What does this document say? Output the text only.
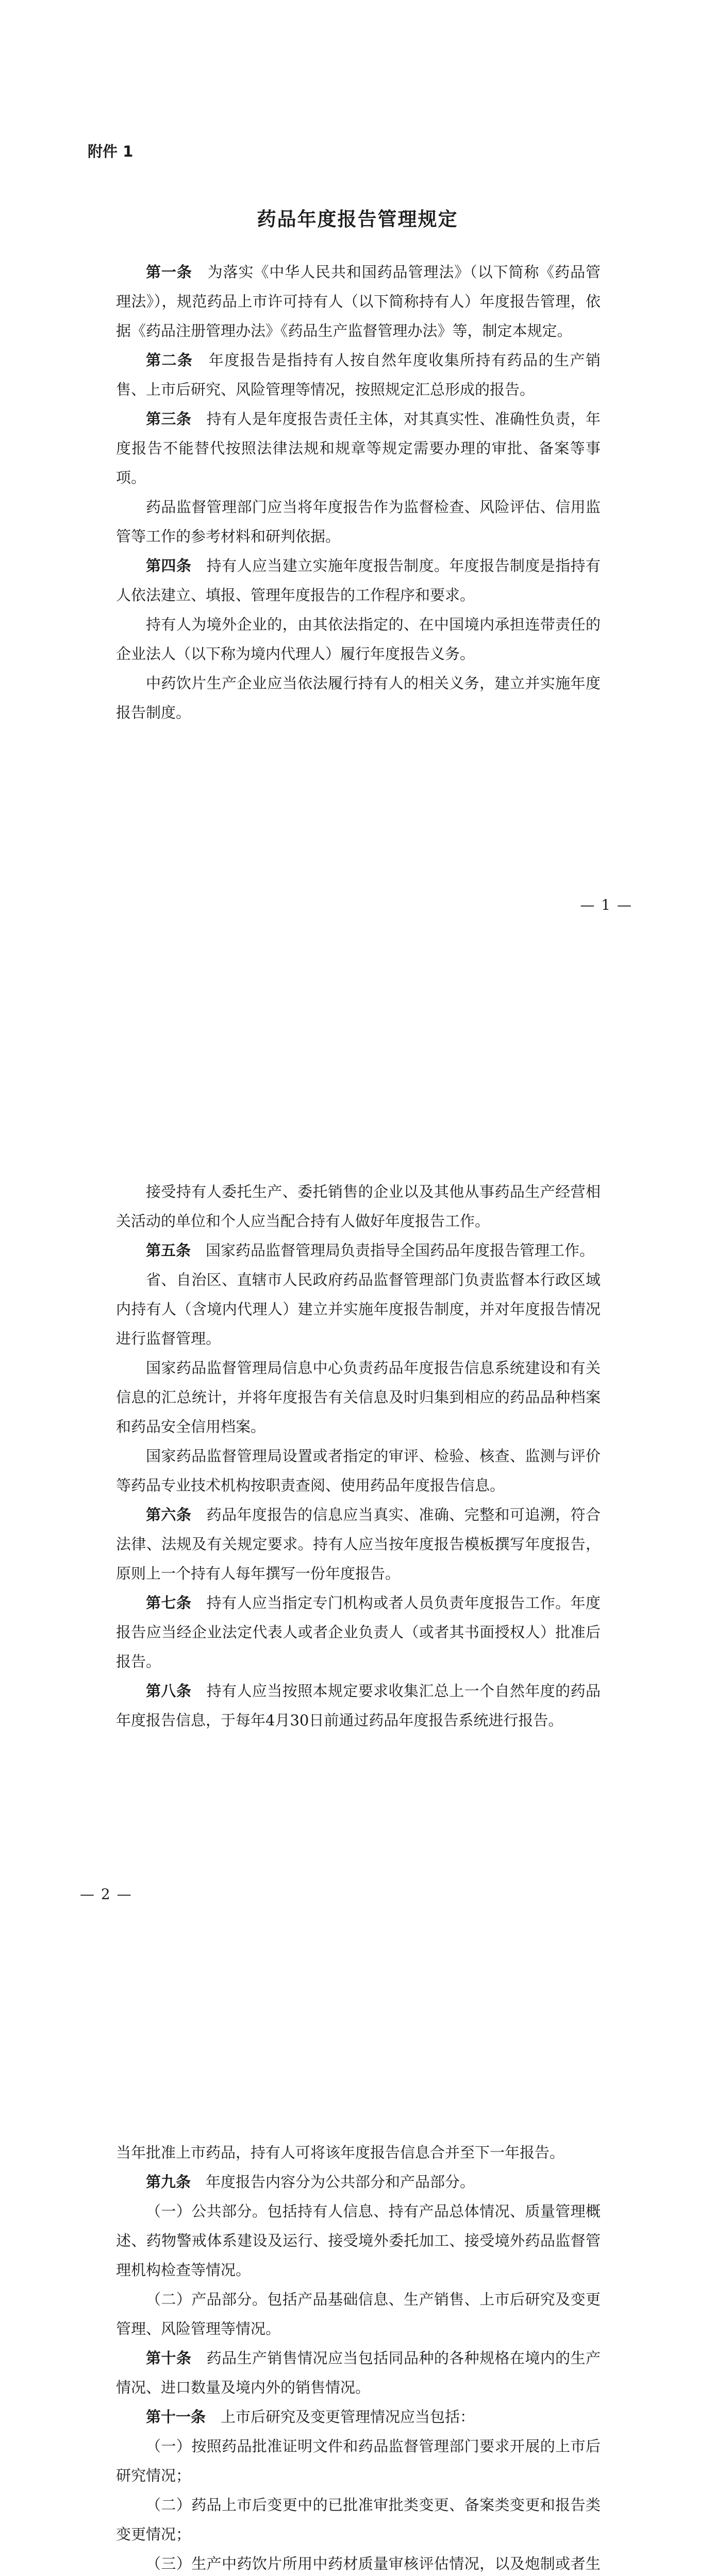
附件 1
药品年度报告管理规定

第一条　 为落实《中华人民共和国药品管理法》（以下简称《药品管理法》），规范药品上市许可持有人（以下简称持有人）年度报告管理，依据《药品注册管理办法》《药品生产监督管理办法》等，制定本规定。

第二条　 年度报告是指持有人按自然年度收集所持有药品的生产销售、上市后研究、风险管理等情况，按照规定汇总形成的报告。

第三条　 持有人是年度报告责任主体，对其真实性、准确性负责，年度报告不能替代按照法律法规和规章等规定需要办理的审批、备案等事项。

药品监督管理部门应当将年度报告作为监督检查、风险评估、信用监管等工作的参考材料和研判依据。

第四条　 持有人应当建立实施年度报告制度。年度报告制度是指持有人依法建立、填报、管理年度报告的工作程序和要求。

持有人为境外企业的，由其依法指定的、在中国境内承担连带责任的企业法人（以下称为境内代理人）履行年度报告义务。

中药饮片生产企业应当依法履行持有人的相关义务，建立并实施年度报告制度。

— 1 —

接受持有人委托生产、委托销售的企业以及其他从事药品生产经营相关活动的单位和个人应当配合持有人做好年度报告工作。

第五条　 国家药品监督管理局负责指导全国药品年度报告管理工作。

省、自治区、直辖市人民政府药品监督管理部门负责监督本行政区域内持有人（含境内代理人）建立并实施年度报告制度，并对年度报告情况进行监督管理。

国家药品监督管理局信息中心负责药品年度报告信息系统建设和有关信息的汇总统计，并将年度报告有关信息及时归集到相应的药品品种档案和药品安全信用档案。

国家药品监督管理局设置或者指定的审评、检验、核查、监测与评价等药品专业技术机构按职责查阅、使用药品年度报告信息。

第六条　 药品年度报告的信息应当真实、准确、完整和可追溯，符合法律、法规及有关规定要求。持有人应当按年度报告模板撰写年度报告，原则上一个持有人每年撰写一份年度报告。

第七条　 持有人应当指定专门机构或者人员负责年度报告工作。年度报告应当经企业法定代表人或者企业负责人（或者其书面授权人）批准后报告。

第八条　 持有人应当按照本规定要求收集汇总上一个自然年度的药品年度报告信息，于每年4月30日前通过药品年度报告系统进行报告。

— 2 —

当年批准上市药品，持有人可将该年度报告信息合并至下一年报告。

第九条　 年度报告内容分为公共部分和产品部分。

（一）公共部分。包括持有人信息、持有产品总体情况、质量管理概述、药物警戒体系建设及运行、接受境外委托加工、接受境外药品监督管理机构检查等情况。

（二）产品部分。包括产品基础信息、生产销售、上市后研究及变更管理、风险管理等情况。

第十条　 药品生产销售情况应当包括同品种的各种规格在境内的生产情况、进口数量及境内外的销售情况。

第十一条　 上市后研究及变更管理情况应当包括：

（一）按照药品批准证明文件和药品监督管理部门要求开展的上市后研究情况；

（二）药品上市后变更中的已批准审批类变更、备案类变更和报告类变更情况；

（三）生产中药饮片所用中药材质量审核评估情况，以及炮制或者生
